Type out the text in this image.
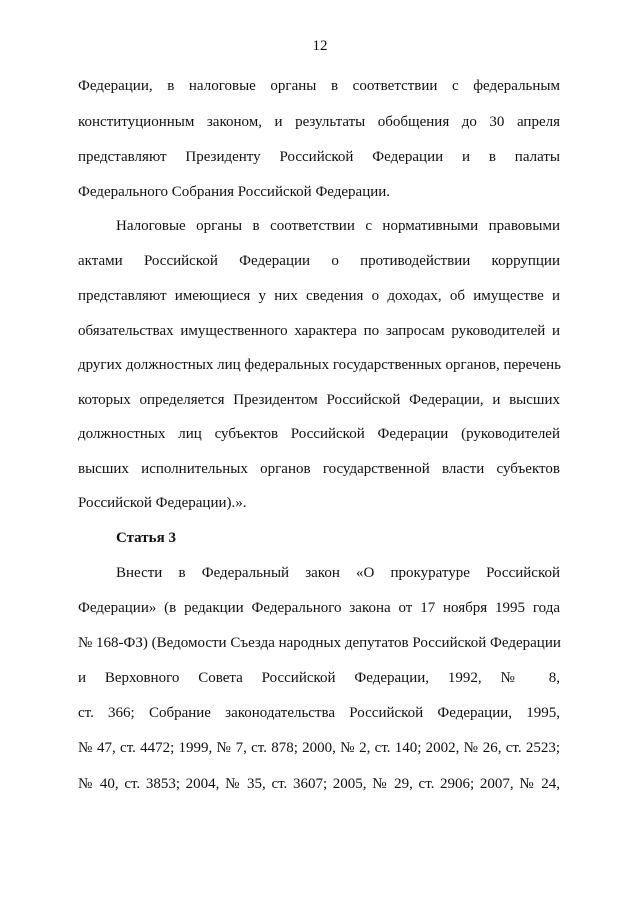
12
Федерации, в налоговые органы в соответствии с федеральным
конституционным законом, и результаты обобщения до 30 апреля
представляют Президенту Российской Федерации и в палаты
Федерального Собрания Российской Федерации.
Налоговые органы в соответствии с нормативными правовыми
актами Российской Федерации о противодействии коррупции
представляют имеющиеся у них сведения о доходах, об имуществе и
обязательствах имущественного характера по запросам руководителей и
других должностных лиц федеральных государственных органов, перечень
которых определяется Президентом Российской Федерации, и высших
должностных лиц субъектов Российской Федерации (руководителей
высших исполнительных органов государственной власти субъектов
Российской Федерации).».
Статья 3
Внести в Федеральный закон «О прокуратуре Российской
Федерации» (в редакции Федерального закона от 17 ноября 1995 года
№ 168-ФЗ) (Ведомости Съезда народных депутатов Российской Федерации
и Верховного Совета Российской Федерации, 1992, № 8,
ст. 366; Собрание законодательства Российской Федерации, 1995,
№ 47, ст. 4472; 1999, № 7, ст. 878; 2000, № 2, ст. 140; 2002, № 26, ст. 2523;
№ 40, ст. 3853; 2004, № 35, ст. 3607; 2005, № 29, ст. 2906; 2007, № 24,
